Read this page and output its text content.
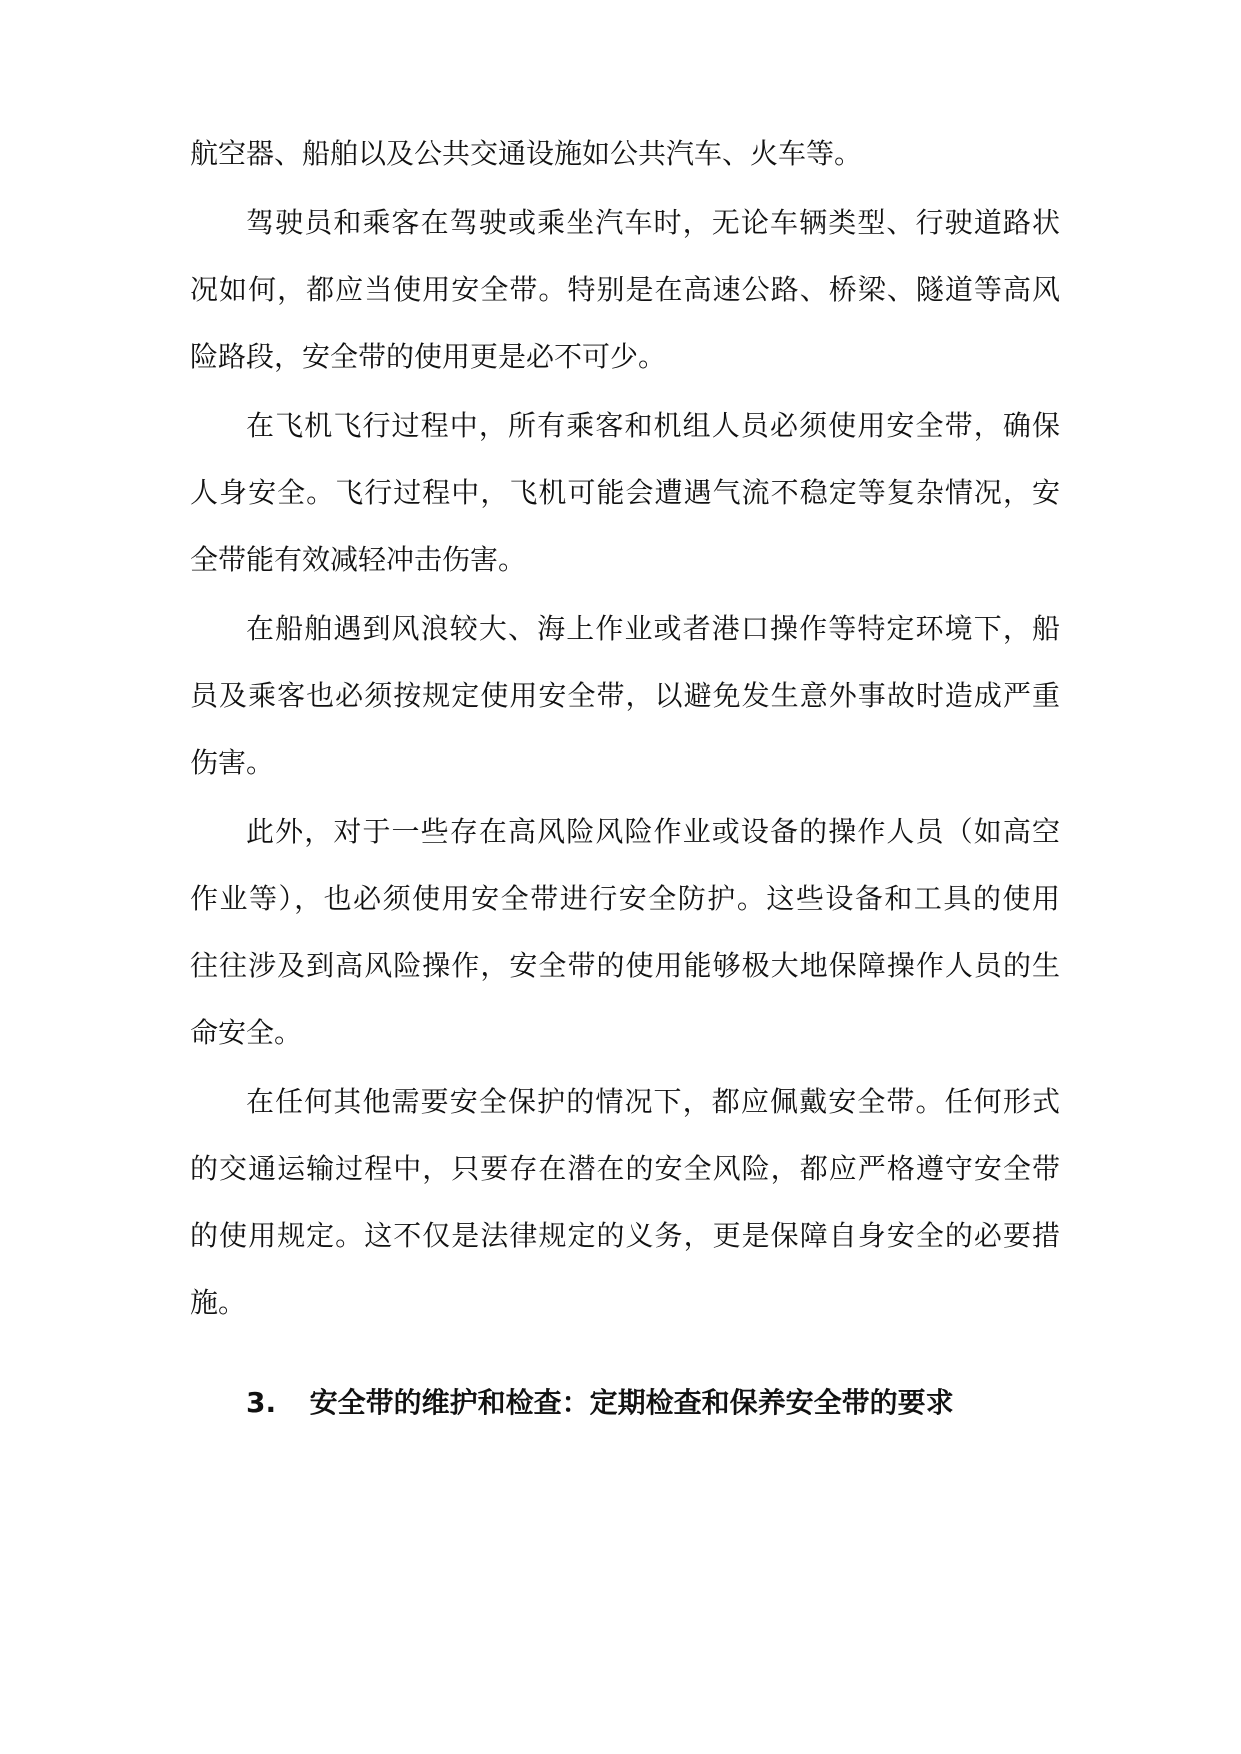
航空器、船舶以及公共交通设施如公共汽车、火车等。
驾驶员和乘客在驾驶或乘坐汽车时，无论车辆类型、行驶道路状
况如何，都应当使用安全带。特别是在高速公路、桥梁、隧道等高风
险路段，安全带的使用更是必不可少。
在飞机飞行过程中，所有乘客和机组人员必须使用安全带，确保
人身安全。飞行过程中，飞机可能会遭遇气流不稳定等复杂情况，安
全带能有效减轻冲击伤害。
在船舶遇到风浪较大、海上作业或者港口操作等特定环境下，船
员及乘客也必须按规定使用安全带，以避免发生意外事故时造成严重
伤害。
此外，对于一些存在高风险风险作业或设备的操作人员（如高空
作业等），也必须使用安全带进行安全防护。这些设备和工具的使用
往往涉及到高风险操作，安全带的使用能够极大地保障操作人员的生
命安全。
在任何其他需要安全保护的情况下，都应佩戴安全带。任何形式
的交通运输过程中，只要存在潜在的安全风险，都应严格遵守安全带
的使用规定。这不仅是法律规定的义务，更是保障自身安全的必要措
施。
3. 安全带的维护和检查：定期检查和保养安全带的要求
